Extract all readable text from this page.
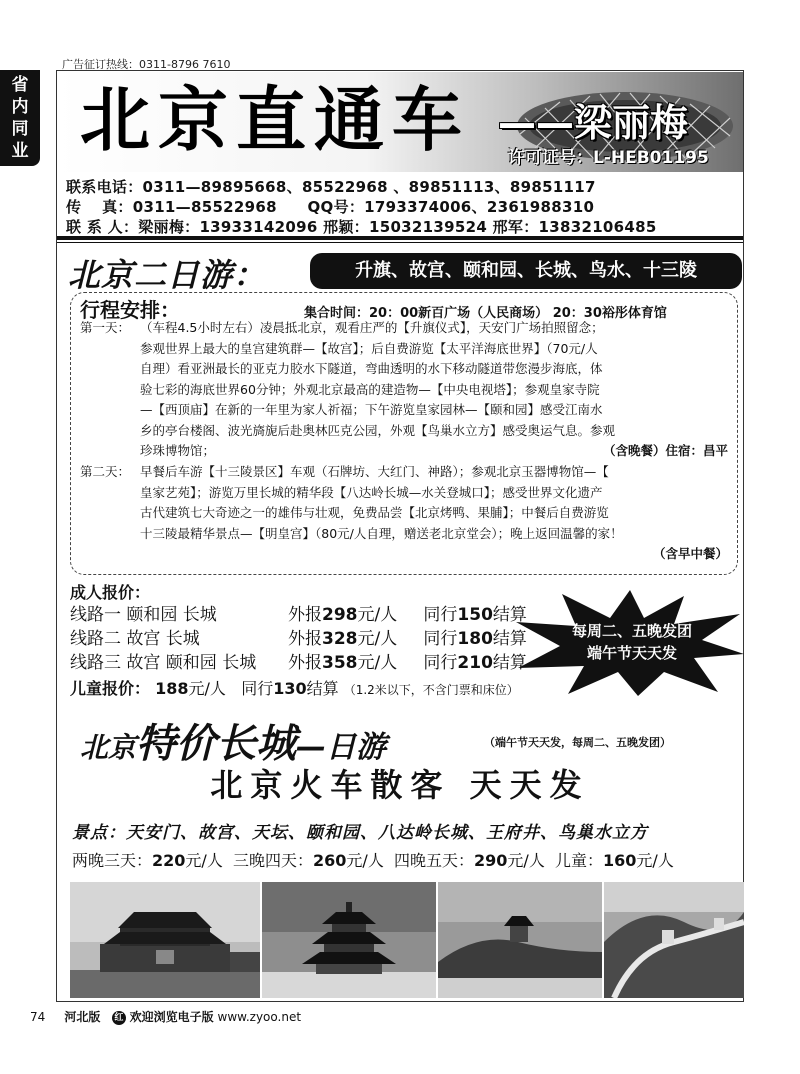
广告征订热线：0311-8796 7610
省
内
同
业 北京直通车 ——梁丽梅
许可证号：L-HEB01195
联系电话：0311—89895668、85522968 、89851113、89851117
传　 真：0311—85522968　　QQ号：1793374006、2361988310
联 系 人：梁丽梅：13933142096 邢颖：15032139524 邢军：13832106485
北京二日游：	升旗、故宫、颐和园、长城、鸟水、十三陵
行程安排：	集合时间：20：00新百广场（人民商场） 20：30裕彤体育馆
第一天： （车程4.5小时左右）凌晨抵北京，观看庄严的【升旗仪式】，天安门广场拍照留念；
参观世界上最大的皇宫建筑群—【故宫】；后自费游览【太平洋海底世界】（70元/人
自理）看亚洲最长的亚克力胶水下隧道，弯曲透明的水下移动隧道带您漫步海底，体
验七彩的海底世界60分钟；外观北京最高的建造物—【中央电视塔】；参观皇家寺院
—【西顶庙】在新的一年里为家人祈福；下午游览皇家园林—【颐和园】感受江南水
乡的亭台楼阁、波光旖旎后赴奥林匹克公园，外观【鸟巢水立方】感受奥运气息。参观
珍珠博物馆；	（含晚餐）住宿：昌平
第二天： 早餐后车游【十三陵景区】车观（石牌坊、大红门、神路）；参观北京玉器博物馆—【
皇家艺苑】；游览万里长城的精华段【八达岭长城—水关登城口】；感受世界文化遗产
古代建筑七大奇迹之一的雄伟与壮观，免费品尝【北京烤鸭、果脯】；中餐后自费游览
十三陵最精华景点—【明皇宫】（80元/人自理，赠送老北京堂会）；晚上返回温馨的家！
（含早中餐）
成人报价：
线路一 颐和园 长城	外报298元/人 同行150结算
线路二 故宫 长城	外报328元/人 同行180结算
线路三 故宫 颐和园 长城 外报358元/人 同行210结算
儿童报价： 188元/人 同行130结算 （1.2米以下，不含门票和床位）
每周二、五晚发团
端午节天天发
北京特价长城—日游	（端午节天天发，每周二、五晚发团）
北京火车散客 天天发
景点：天安门、故宫、天坛、颐和园、八达岭长城、王府井、鸟巢水立方
两晚三天：220元/人 三晚四天：260元/人 四晚五天：290元/人 儿童：160元/人
74 河北版 红 欢迎浏览电子版 www.zyoo.net
